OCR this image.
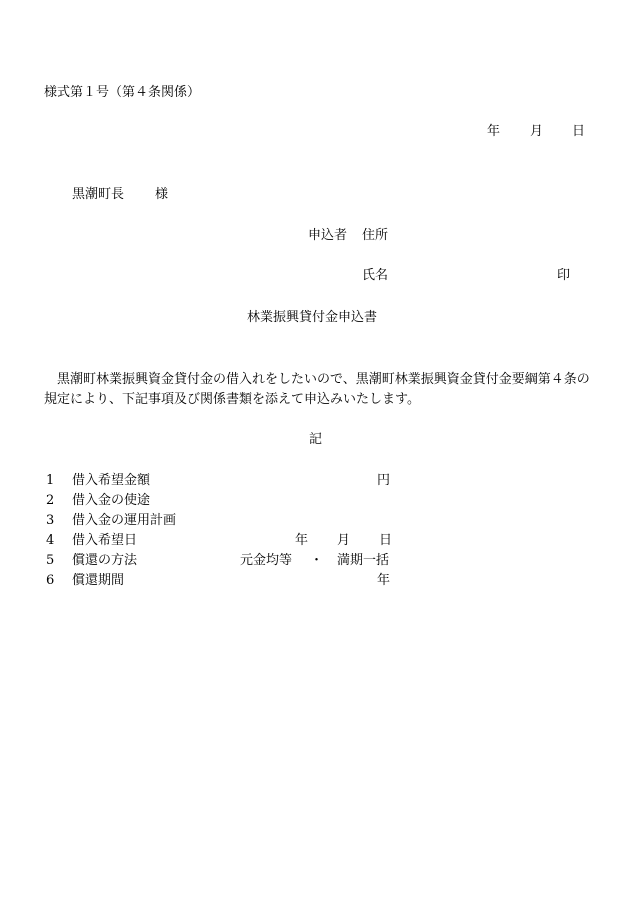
様式第１号（第４条関係）
年 月 日
黒潮町長 様
申込者 住所
氏名	印
林業振興貸付金申込書
黒潮町林業振興資金貸付金の借入れをしたいので、黒潮町林業振興資金貸付金要綱第４条の規定により、下記事項及び関係書類を添えて申込みいたします。
記
1 借入希望金額	円
2 借入金の使途
3 借入金の運用計画
4 借入希望日	年 月 日
5 償還の方法	元金均等 ・ 満期一括
6 償還期間	年
